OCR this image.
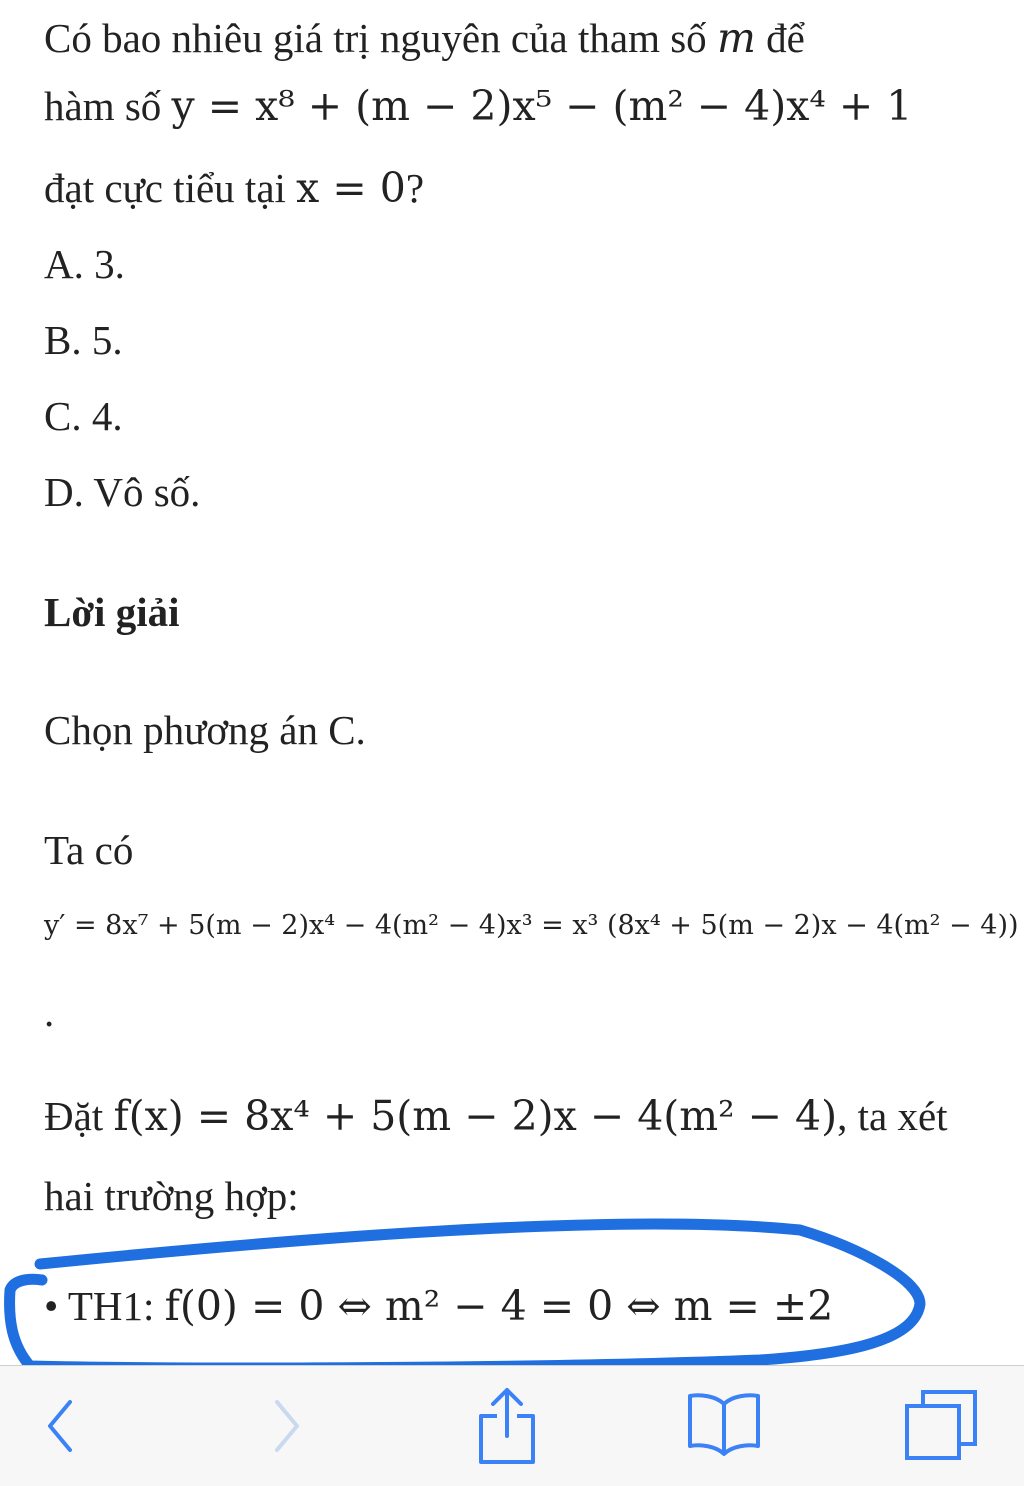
Có bao nhiêu giá trị nguyên của tham số m để
hàm số y = x⁸ + (m − 2)x⁵ − (m² − 4)x⁴ + 1
đạt cực tiểu tại x = 0?
A. 3.
B. 5.
C. 4.
D. Vô số.
Lời giải
Chọn phương án C.
Ta có
y′ = 8x⁷ + 5(m − 2)x⁴ − 4(m² − 4)x³ = x³ (8x⁴ + 5(m − 2)x − 4(m² − 4))
.
Đặt f(x) = 8x⁴ + 5(m − 2)x − 4(m² − 4), ta xét
hai trường hợp:
• TH1: f(0) = 0 ⇔ m² − 4 = 0 ⇔ m = ±2
